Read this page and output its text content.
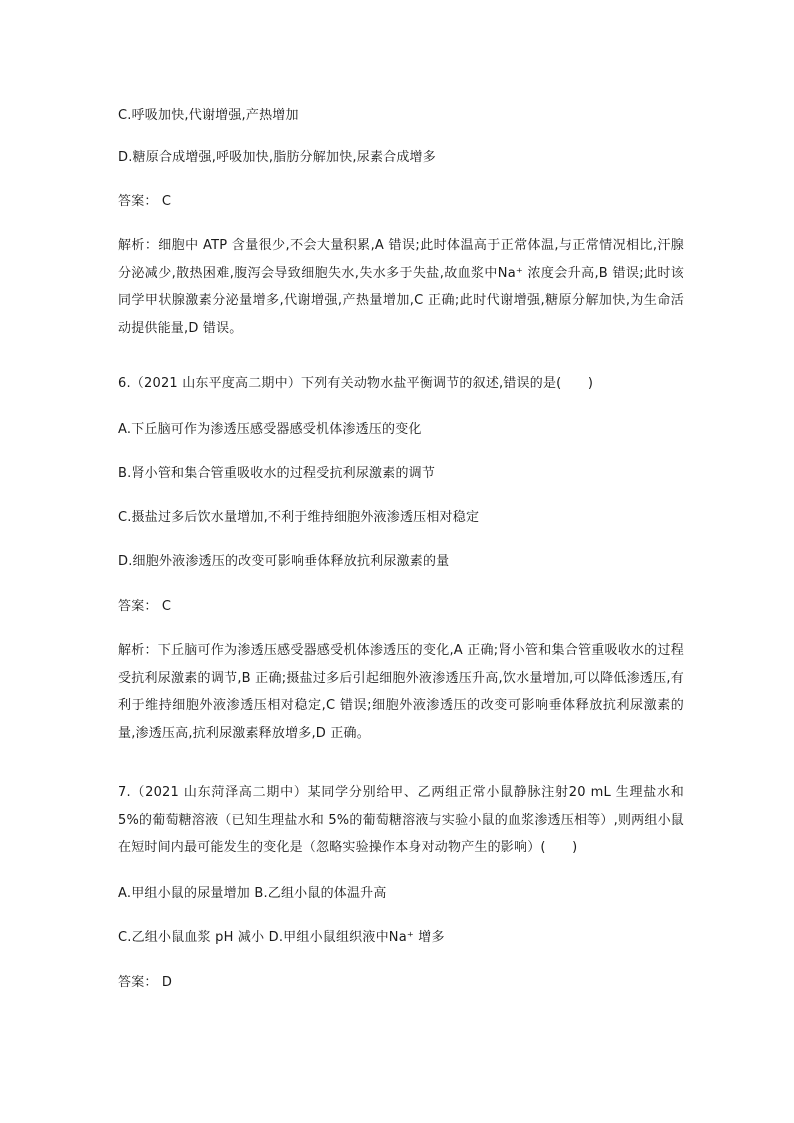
C.呼吸加快,代谢增强,产热增加
D.糖原合成增强,呼吸加快,脂肪分解加快,尿素合成增多
答案： C
解析：细胞中 ATP 含量很少,不会大量积累,A 错误;此时体温高于正常体温,与正常情况相比,汗腺分泌减少,散热困难,腹泻会导致细胞失水,失水多于失盐,故血浆中Na⁺ 浓度会升高,B 错误;此时该同学甲状腺激素分泌量增多,代谢增强,产热量增加,C 正确;此时代谢增强,糖原分解加快,为生命活动提供能量,D 错误。
6.（2021 山东平度高二期中）下列有关动物水盐平衡调节的叙述,错误的是(　　)
A.下丘脑可作为渗透压感受器感受机体渗透压的变化
B.肾小管和集合管重吸收水的过程受抗利尿激素的调节
C.摄盐过多后饮水量增加,不利于维持细胞外液渗透压相对稳定
D.细胞外液渗透压的改变可影响垂体释放抗利尿激素的量
答案： C
解析：下丘脑可作为渗透压感受器感受机体渗透压的变化,A 正确;肾小管和集合管重吸收水的过程受抗利尿激素的调节,B 正确;摄盐过多后引起细胞外液渗透压升高,饮水量增加,可以降低渗透压,有利于维持细胞外液渗透压相对稳定,C 错误;细胞外液渗透压的改变可影响垂体释放抗利尿激素的量,渗透压高,抗利尿激素释放增多,D 正确。
7.（2021 山东菏泽高二期中）某同学分别给甲、乙两组正常小鼠静脉注射20 mL 生理盐水和 5%的葡萄糖溶液（已知生理盐水和 5%的葡萄糖溶液与实验小鼠的血浆渗透压相等）,则两组小鼠在短时间内最可能发生的变化是（忽略实验操作本身对动物产生的影响）(　　)
A.甲组小鼠的尿量增加 B.乙组小鼠的体温升高
C.乙组小鼠血浆 pH 减小 D.甲组小鼠组织液中Na⁺ 增多
答案： D
